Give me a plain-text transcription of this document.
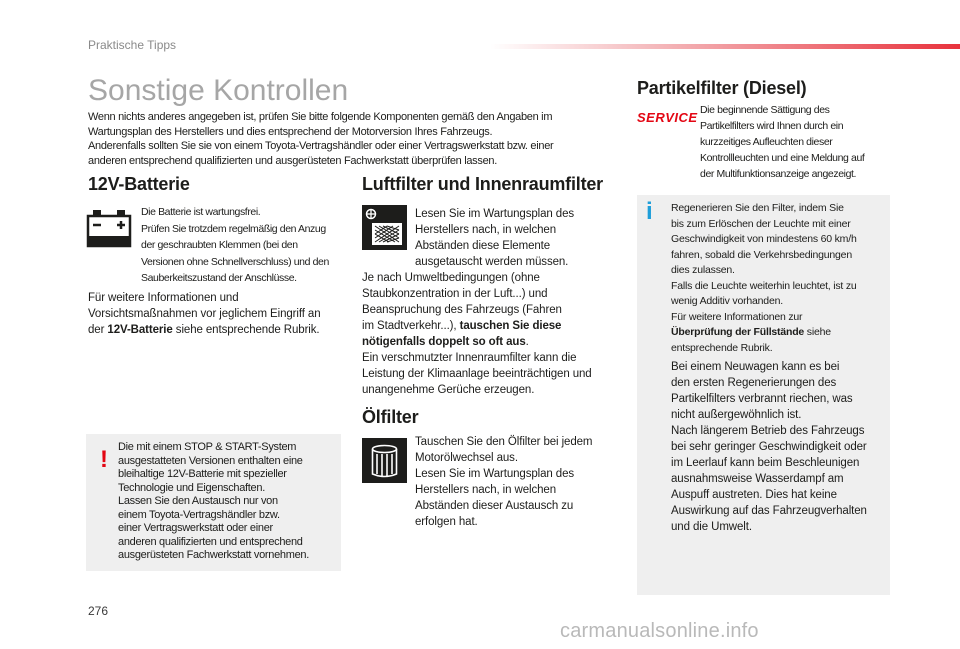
Praktische Tipps
Sonstige Kontrollen

Wenn nichts anderes angegeben ist, prüfen Sie bitte folgende Komponenten gemäß den Angaben im

Wartungsplan des Herstellers und dies entsprechend der Motorversion Ihres Fahrzeugs.

Anderenfalls sollten Sie sie von einem Toyota-Vertragshändler oder einer Vertragswerkstatt bzw. einer

anderen entsprechend qualifizierten und ausgerüsteten Fachwerkstatt überprüfen lassen.

12V-Batterie
Die Batterie ist wartungsfrei.
Prüfen Sie trotzdem regelmäßig den Anzug
der geschraubten Klemmen (bei den
Versionen ohne Schnellverschluss) und den
Sauberkeitszustand der Anschlüsse.
Für weitere Informationen und
Vorsichtsmaßnahmen vor jeglichem Eingriff an
der 12V-Batterie siehe entsprechende Rubrik.
! Die mit einem STOP & START-System
ausgestatteten Versionen enthalten eine
bleihaltige 12V-Batterie mit spezieller
Technologie und Eigenschaften.
Lassen Sie den Austausch nur von
einem Toyota-Vertragshändler bzw.
einer Vertragswerkstatt oder einer
anderen qualifizierten und entsprechend
ausgerüsteten Fachwerkstatt vornehmen.
Luftfilter und Innenraumfilter
Lesen Sie im Wartungsplan des
Herstellers nach, in welchen
Abständen diese Elemente
ausgetauscht werden müssen.
Je nach Umweltbedingungen (ohne
Staubkonzentration in der Luft...) und
Beanspruchung des Fahrzeugs (Fahren
im Stadtverkehr...), tauschen Sie diese
nötigenfalls doppelt so oft aus.
Ein verschmutzter Innenraumfilter kann die
Leistung der Klimaanlage beeinträchtigen und
unangenehme Gerüche erzeugen.
Ölfilter
Tauschen Sie den Ölfilter bei jedem
Motorölwechsel aus.
Lesen Sie im Wartungsplan des
Herstellers nach, in welchen
Abständen dieser Austausch zu
erfolgen hat.
Partikelfilter (Diesel)
SERVICE Die beginnende Sättigung des
Partikelfilters wird Ihnen durch ein
kurzzeitiges Aufleuchten dieser
Kontrollleuchten und eine Meldung auf
der Multifunktionsanzeige angezeigt.
i Regenerieren Sie den Filter, indem Sie
bis zum Erlöschen der Leuchte mit einer
Geschwindigkeit von mindestens 60 km/h
fahren, sobald die Verkehrsbedingungen
dies zulassen.
Falls die Leuchte weiterhin leuchtet, ist zu
wenig Additiv vorhanden.
Für weitere Informationen zur
Überprüfung der Füllstände siehe
entsprechende Rubrik.
Bei einem Neuwagen kann es bei
den ersten Regenerierungen des
Partikelfilters verbrannt riechen, was
nicht außergewöhnlich ist.
Nach längerem Betrieb des Fahrzeugs
bei sehr geringer Geschwindigkeit oder
im Leerlauf kann beim Beschleunigen
ausnahmsweise Wasserdampf am
Auspuff austreten. Dies hat keine
Auswirkung auf das Fahrzeugverhalten
und die Umwelt.
276
carmanualsonline.info
